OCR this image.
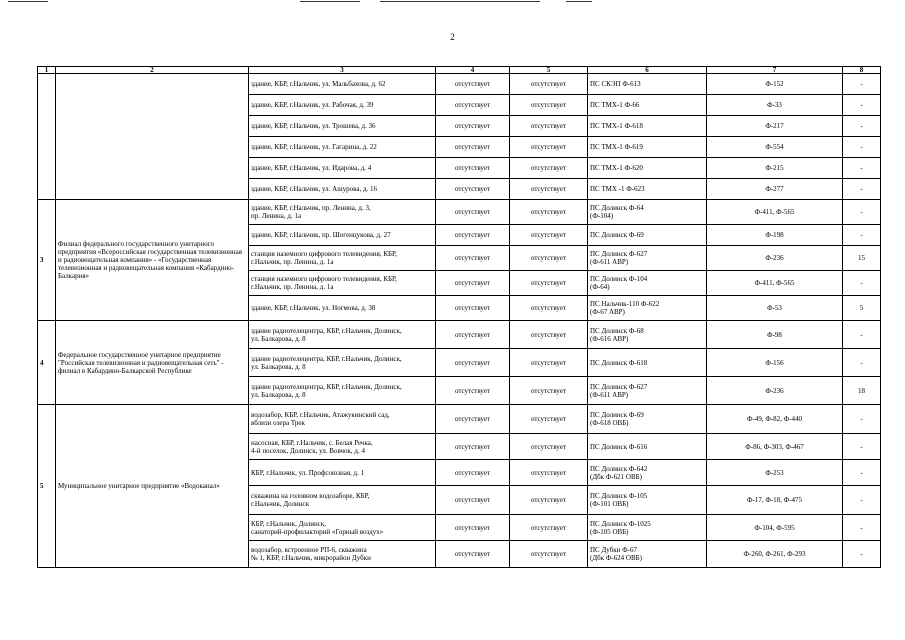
2
1	2	3	4	5	6	7	8
		здание, КБР, г.Нальчик, ул. Мальбахова, д. 62	отсутствует	отсутствует	ПС СКЭП Ф-613	Ф-152	-
		здание, КБР, г.Нальчик, ул. Рабочая, д. 39	отсутствует	отсутствует	ПС ТМХ-1 Ф-66	Ф-33	-
		здание, КБР, г.Нальчик, ул. Трошева, д. 36	отсутствует	отсутствует	ПС ТМХ-1 Ф-618	Ф-217	-
		здание, КБР, г.Нальчик, ул. Гагарина, д. 22	отсутствует	отсутствует	ПС ТМХ-1 Ф-619	Ф-554	-
		здание, КБР, г.Нальчик, ул. Идарова, д. 4	отсутствует	отсутствует	ПС ТМХ-1 Ф-620	Ф-215	-
		здание, КБР, г.Нальчик, ул. Ашурова, д. 16	отсутствует	отсутствует	ПС ТМХ -1 Ф-623	Ф-277	-
3	Филиал федерального государственного унитарного предприятия «Всероссийская государственная телевизионная и радиовещательная компания» - «Государственная телевизионная и радиовещательная компания «Кабардино-Балкария»	здание, КБР, г.Нальчик, пр. Ленина, д. 3,
пр. Ленина, д. 1а	отсутствует	отсутствует	ПС Долинск Ф-64
(Ф-104)	Ф-411, Ф-565	-
		здание, КБР, г.Нальчик, пр. Шогенцукова, д. 27	отсутствует	отсутствует	ПС Долинск Ф-69	Ф-198	-
		станция наземного цифрового телевидения, КБР,
г.Нальчик, пр. Ленина, д. 1а	отсутствует	отсутствует	ПС Долинск Ф-627
(Ф-611 АВР)	Ф-236	15
		станция наземного цифрового телевидения, КБР,
г.Нальчик, пр. Ленина, д. 1а	отсутствует	отсутствует	ПС Долинск Ф-104
(Ф-64)	Ф-411, Ф-565	-
		здание, КБР, г.Нальчик, ул. Ногмова, д. 38	отсутствует	отсутствует	ПС Нальчик-110 Ф-622
(Ф-67 АВР)	Ф-53	5
4	Федеральное государственное унитарное предприятие "Российская телевизионная и радиовещательная сеть" - филиал в Кабардино-Балкарской Республике	здание радиотелецентра, КБР, г.Нальчик, Долинск,
ул. Балкарова, д. 8	отсутствует	отсутствует	ПС Долинск Ф-68
(Ф-616 АВР)	Ф-98	-
		здание радиотелецентра, КБР, г.Нальчик, Долинск,
ул. Балкарова, д. 8	отсутствует	отсутствует	ПС Долинск Ф-618	Ф-156	-
		здание радиотелецентра, КБР, г.Нальчик, Долинск,
ул. Балкарова, д. 8	отсутствует	отсутствует	ПС Долинск Ф-627
(Ф-611 АВР)	Ф-236	18
5	Муниципальное унитарное предприятие «Водоканал»	водозабор, КБР, г.Нальчик, Атажукинский сад,
вблизи озера Трек	отсутствует	отсутствует	ПС Долинск Ф-69
(Ф-618 ОВБ)	Ф-49, Ф-82, Ф-440	-
		насосная, КБР, г.Нальчик, с. Белая Речка,
4-й поселок, Долинск, ул. Вовчок, д. 4	отсутствует	отсутствует	ПС Долинск Ф-616	Ф-86, Ф-303, Ф-467	-
		КБР, г.Нальчик, ул. Профсоюзная, д. 1	отсутствует	отсутствует	ПС Долинск Ф-642
(Дбк Ф-621 ОВБ)	Ф-253	-
		скважина на головном водозаборе, КБР,
г.Нальчик, Долинск	отсутствует	отсутствует	ПС Долинск Ф-105
(Ф-101 ОВБ)	Ф-17, Ф-18, Ф-475	-
		КБР, г.Нальчик, Долинск,
санаторий-профилакторий «Горный воздух»	отсутствует	отсутствует	ПС Долинск Ф-1025
(Ф-105 ОВБ)	Ф-104, Ф-595	-
		водозабор, встроенное РП-6, скважина
№ 1, КБР, г.Нальчик, микрорайон Дубки	отсутствует	отсутствует	ПС Дубки Ф-67
(Дбк Ф-624 ОВБ)	Ф-260, Ф-261, Ф-293	-
